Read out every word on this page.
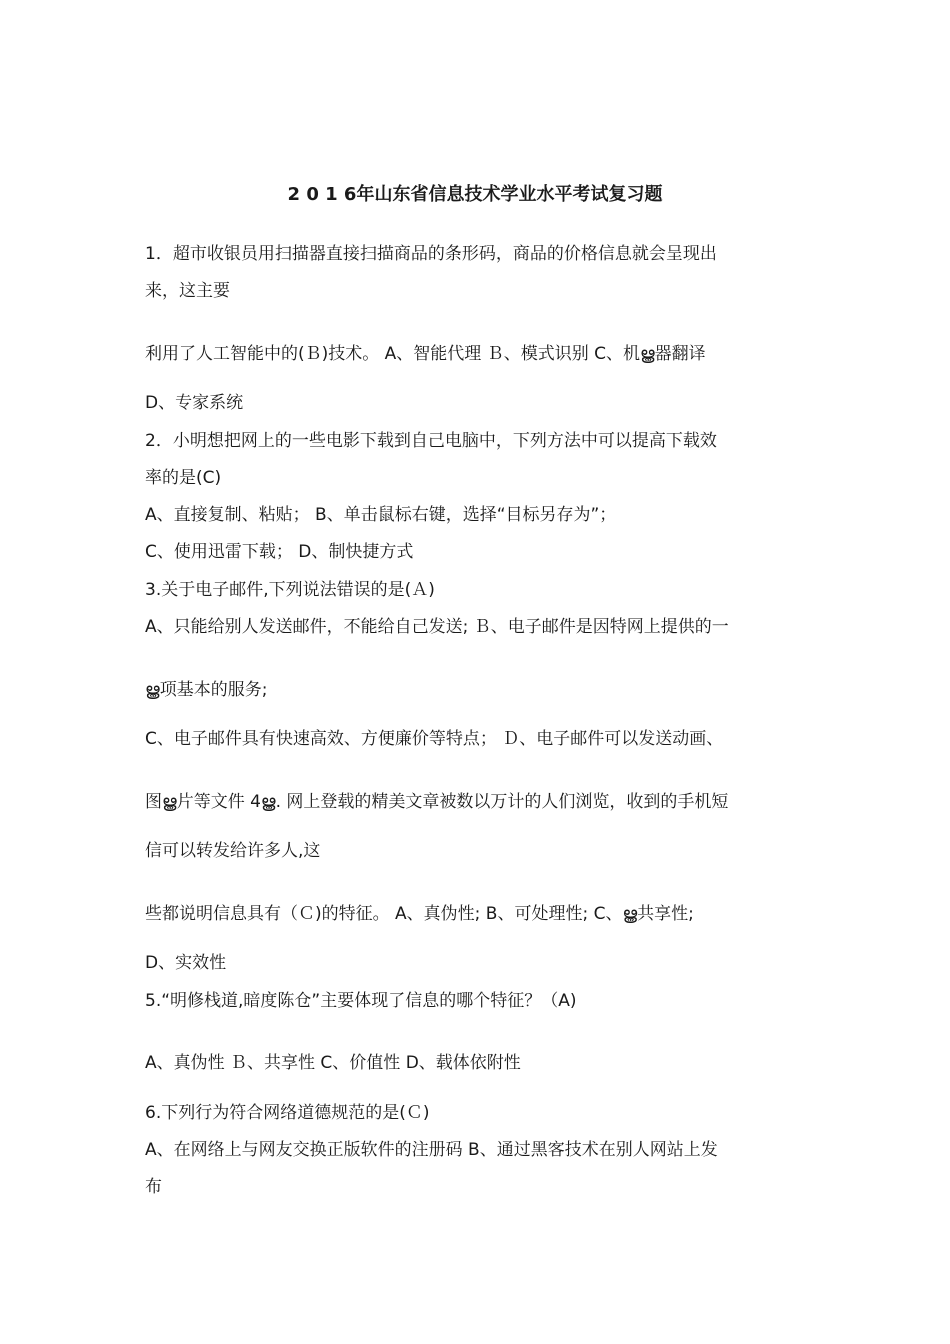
2 0 1 6年山东省信息技术学业水平考试复习题
1．超市收银员用扫描器直接扫描商品的条形码，商品的价格信息就会呈现出
来，这主要
利用了人工智能中的(Ｂ)技术。 A、智能代理 Ｂ、模式识别 C、机ൠ器翻译
D、专家系统
2．小明想把网上的一些电影下载到自己电脑中，下列方法中可以提高下载效
率的是(C)
A、直接复制、粘贴； B、单击鼠标右键，选择“目标另存为”；
C、使用迅雷下载； D、制快捷方式
3.关于电子邮件,下列说法错误的是(Ａ)
A、只能给别人发送邮件，不能给自己发送; Ｂ、电子邮件是因特网上提供的一
ൠ项基本的服务;
C、电子邮件具有快速高效、方便廉价等特点； Ｄ、电子邮件可以发送动画、
图ൠ片等文件 4ൠ. 网上登载的精美文章被数以万计的人们浏览，收到的手机短
信可以转发给许多人,这
些都说明信息具有（Ｃ)的特征。 A、真伪性; B、可处理性; C、ൠ共享性;
D、实效性
5.“明修栈道,暗度陈仓”主要体现了信息的哪个特征？（A)
A、真伪性 Ｂ、共享性 C、价值性 D、载体依附性
6.下列行为符合网络道德规范的是(Ｃ)
A、在网络上与网友交换正版软件的注册码 B、通过黑客技术在别人网站上发
布
